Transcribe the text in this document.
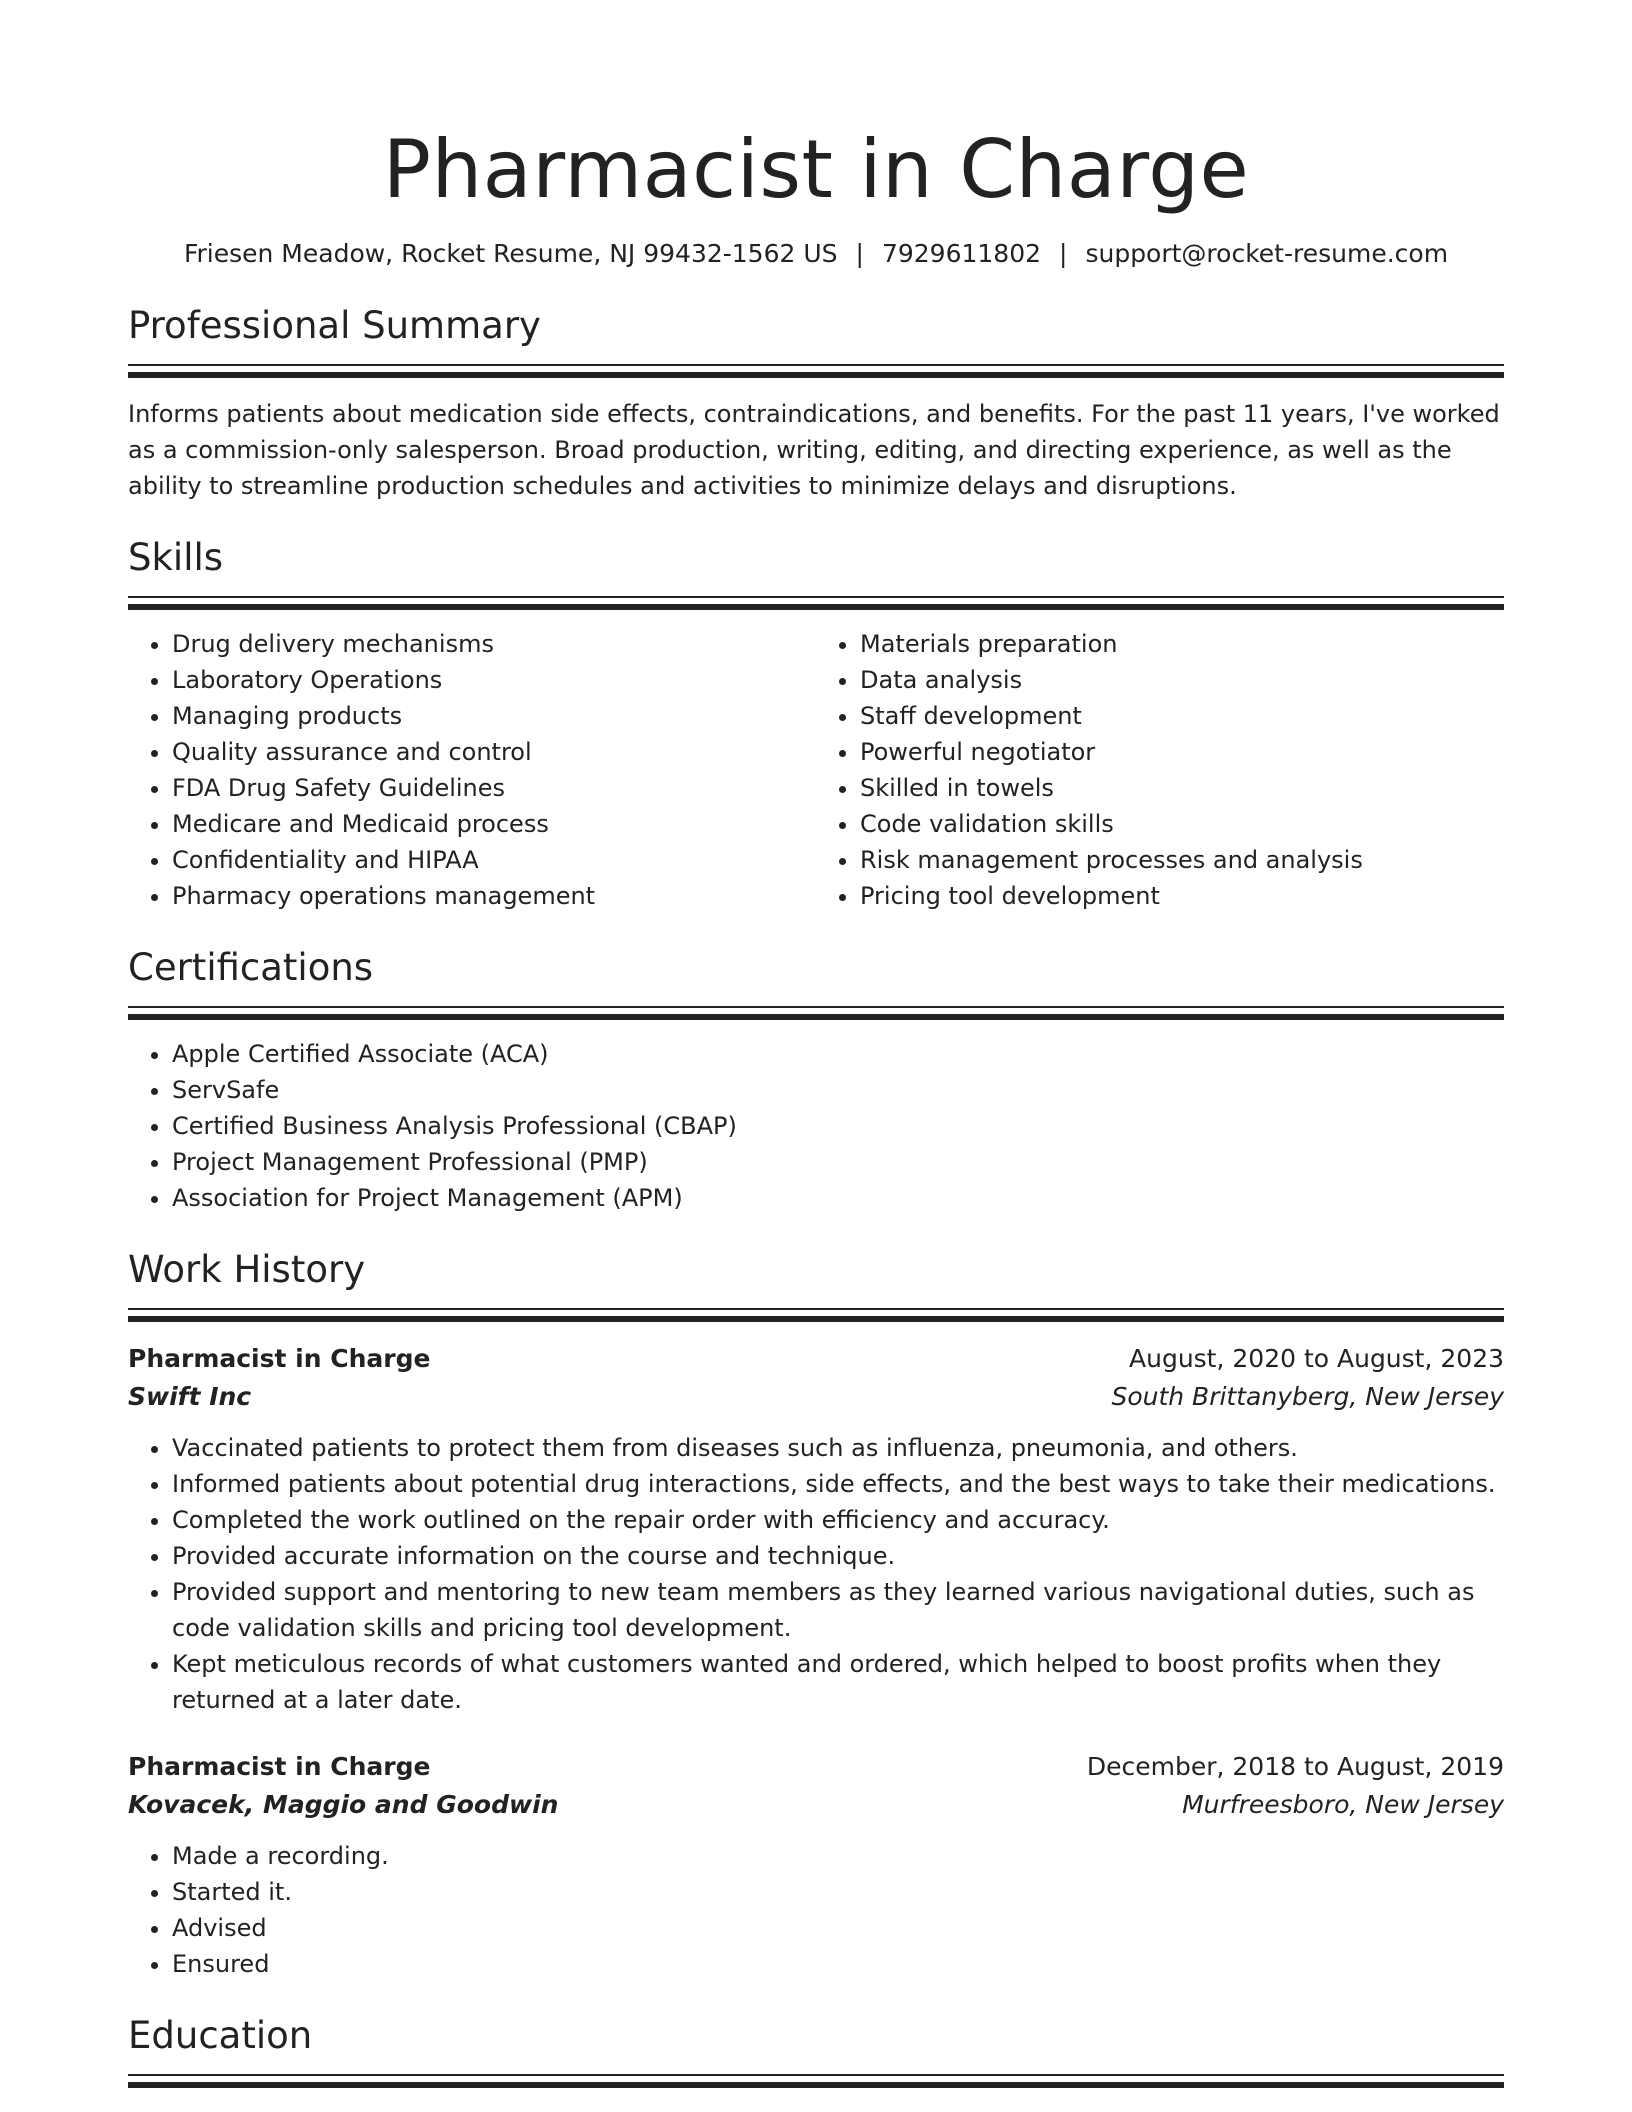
Pharmacist in Charge
Friesen Meadow, Rocket Resume, NJ 99432-1562 US | 7929611802 | support@rocket-resume.com
Professional Summary

Informs patients about medication side effects, contraindications, and benefits. For the past 11 years, I've worked as a commission-only salesperson. Broad production, writing, editing, and directing experience, as well as the ability to streamline production schedules and activities to minimize delays and disruptions.

Skills
• Drug delivery mechanisms
• Laboratory Operations
• Managing products
• Quality assurance and control
• FDA Drug Safety Guidelines
• Medicare and Medicaid process
• Confidentiality and HIPAA
• Pharmacy operations management
• Materials preparation
• Data analysis
• Staff development
• Powerful negotiator
• Skilled in towels
• Code validation skills
• Risk management processes and analysis
• Pricing tool development
Certifications
• Apple Certified Associate (ACA)
• ServSafe
• Certified Business Analysis Professional (CBAP)
• Project Management Professional (PMP)
• Association for Project Management (APM)
Work History
Pharmacist in Charge	August, 2020 to August, 2023
Swift Inc	South Brittanyberg, New Jersey
• Vaccinated patients to protect them from diseases such as influenza, pneumonia, and others.
• Informed patients about potential drug interactions, side effects, and the best ways to take their medications.
• Completed the work outlined on the repair order with efficiency and accuracy.
• Provided accurate information on the course and technique.
• Provided support and mentoring to new team members as they learned various navigational duties, such as code validation skills and pricing tool development.
• Kept meticulous records of what customers wanted and ordered, which helped to boost profits when they returned at a later date.
Pharmacist in Charge	December, 2018 to August, 2019
Kovacek, Maggio and Goodwin	Murfreesboro, New Jersey
• Made a recording.
• Started it.
• Advised
• Ensured
Education
